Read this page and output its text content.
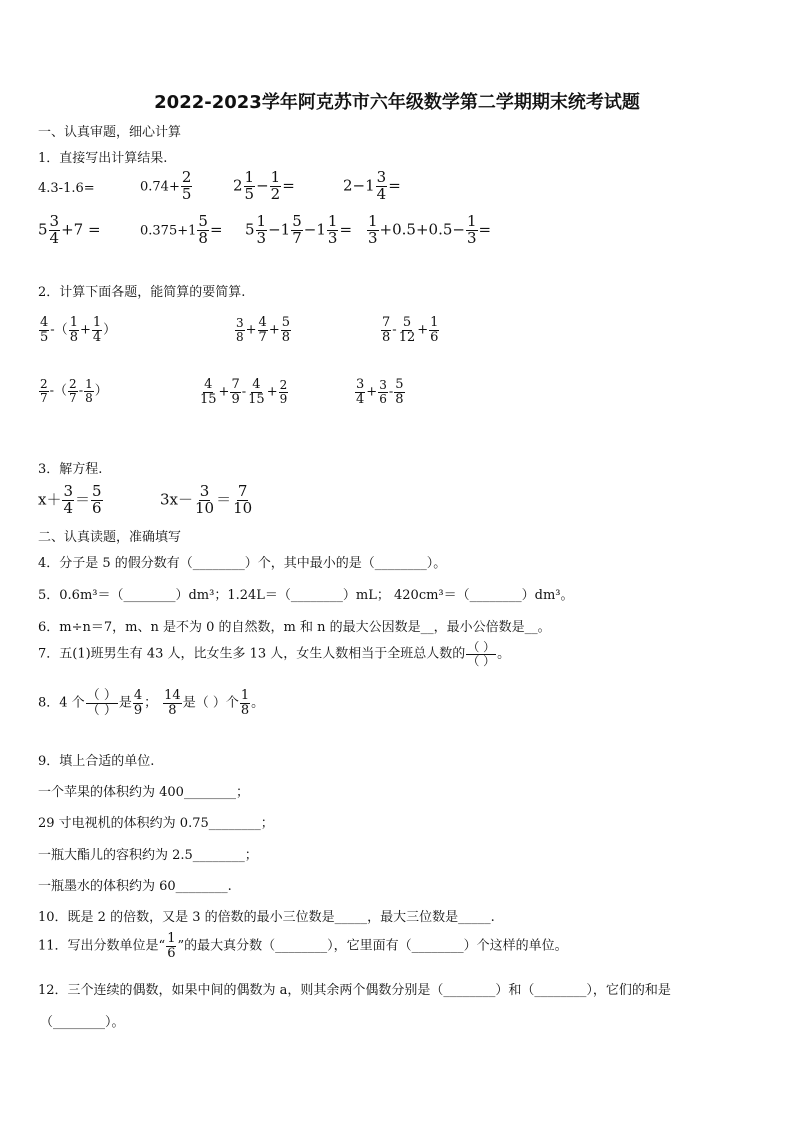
2022-2023学年阿克苏市六年级数学第二学期期末统考试题
一、认真审题，细心计算
1．直接写出计算结果.
4.3-1.6=	$0.74+ \frac{2}{5}$	$2 \frac{1}{5} - \frac{1}{2}$ =	$2-1 \frac{3}{4}$ =
$5 \frac{3}{4} +7$ =	$0.375+1 \frac{5}{8} = 5 \frac{1}{3} -1 \frac{5}{7} -1 \frac{1}{3} = \frac{1}{3} +0.5+0.5- \frac{1}{3}$ =
2．计算下面各题，能简算的要简算.
$\frac{4}{5}$ -（ $\frac{1}{8} + \frac{1}{4}$ ）	$\frac{3}{8} + \frac{4}{7} + \frac{5}{8}$	$\frac{7}{8} - \frac{5}{12} + \frac{1}{6}$
$\frac{2}{7}$ -（ $\frac{2}{7} - \frac{1}{8}$ ）	$\frac{4}{15} + \frac{7}{9} - \frac{4}{15} + \frac{2}{9}$	$\frac{3}{4} + \frac{3}{6} - \frac{5}{8}$
3．解方程.
$x+ \frac{3}{4} = \frac{5}{6}$	$3x- \frac{3}{10} = \frac{7}{10}$
二、认真读题，准确填写
4．分子是 5 的假分数有（________）个，其中最小的是（________）。
5．0.6m³＝（________）dm³；1.24L＝（________）mL； 420cm³＝（________）dm³。
6．m÷n＝7，m、n 是不为 0 的自然数，m 和 n 的最大公因数是__，最小公倍数是__。
7．五(1)班男生有 43 人，比女生多 13 人，女生人数相当于全班总人数的 $\frac{( )}{( )}$ 。
8．4 个 $\frac{( )}{( )}$ 是 $\frac{4}{9}$ ； $\frac{14}{8}$ 是（ ）个 $\frac{1}{8}$ 。
9．填上合适的单位.
一个苹果的体积约为 400________；
29 寸电视机的体积约为 0.75________；
一瓶大酯儿的容积约为 2.5________；
一瓶墨水的体积约为 60________.
10．既是 2 的倍数，又是 3 的倍数的最小三位数是_____，最大三位数是_____.
11．写出分数单位是“ $\frac{1}{6}$ ”的最大真分数（________），它里面有（________）个这样的单位。
12．三个连续的偶数，如果中间的偶数为 a，则其余两个偶数分别是（________）和（________），它们的和是
（________）。
